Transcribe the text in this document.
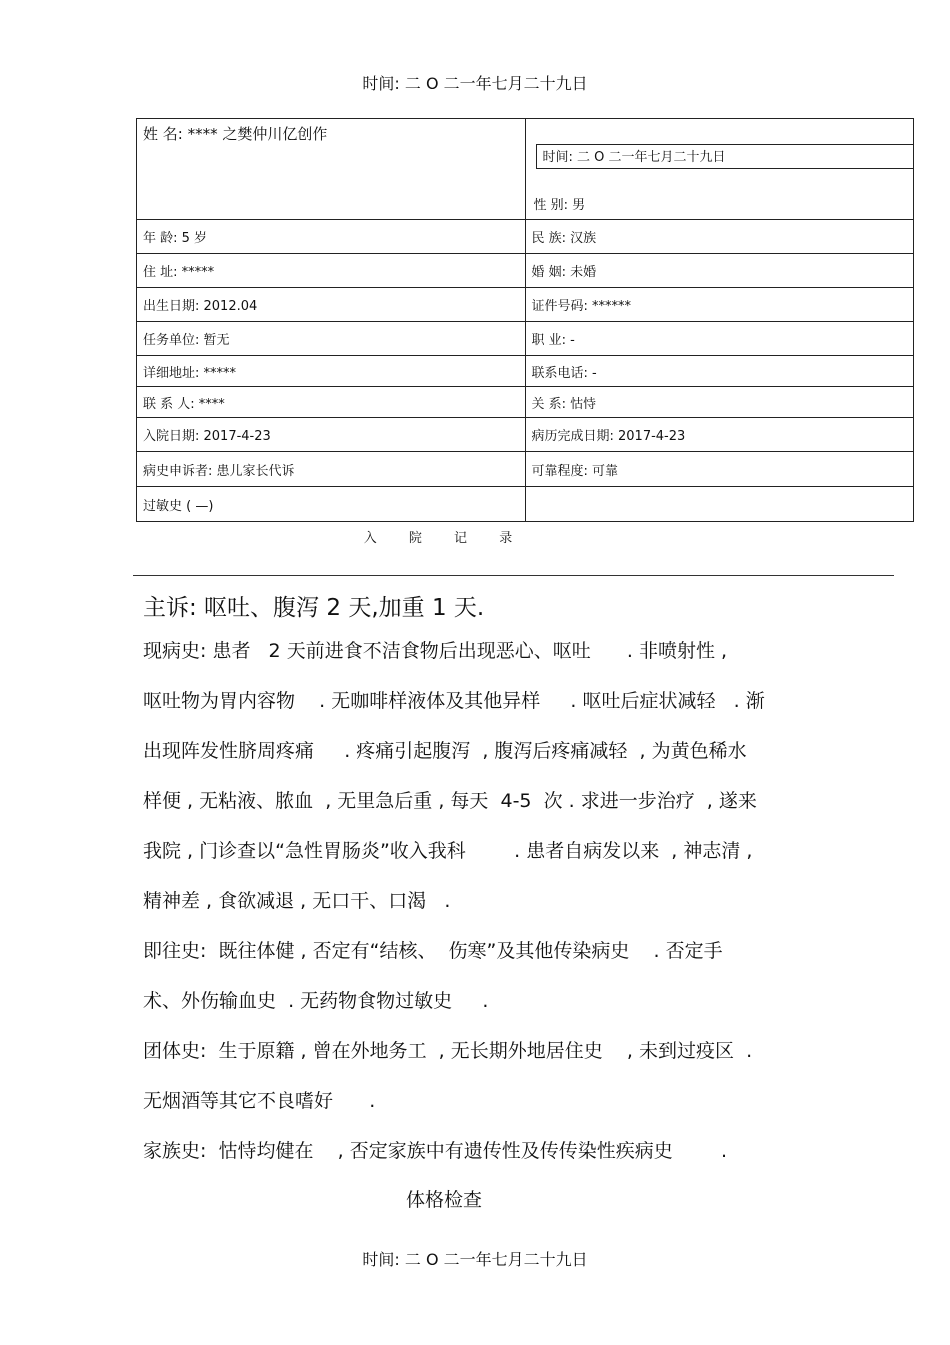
时间: 二 O 二一年七月二十九日
姓 名: **** 之樊仲川亿创作	时间: 二 O 二一年七月二十九日
性 别: 男

年 龄: 5 岁	民 族: 汉族
住 址: *****	婚 姻: 未婚
出生日期: 2012.04	证件号码: ******
任务单位: 暂无	职 业: -
详细地址: *****	联系电话: -
联 系 人: ****	关 系: 怙恃
入院日期: 2017-4-23	病历完成日期: 2017-4-23
病史申诉者: 患儿家长代诉	可靠程度: 可靠
过敏史 ( —)	
入 院 记 录
主诉: 呕吐、腹泻 2 天,加重 1 天.

现病史: 患者   2 天前进食不洁食物后出现恶心、呕吐      . 非喷射性 ,

呕吐物为胃内容物    . 无咖啡样液体及其他异样     . 呕吐后症状减轻   . 渐

出现阵发性脐周疼痛     . 疼痛引起腹泻  , 腹泻后疼痛减轻  , 为黄色稀水

样便 , 无粘液、脓血  , 无里急后重 , 每天  4-5  次 . 求进一步治疗  , 遂来

我院 , 门诊查以“急性胃肠炎”收入我科        . 患者自病发以来  , 神志清 ,

精神差 , 食欲减退 , 无口干、口渴   .

即往史:  既往体健 , 否定有“结核、  伤寒”及其他传染病史    . 否定手

术、外伤输血史  . 无药物食物过敏史     .

团体史:  生于原籍 , 曾在外地务工  , 无长期外地居住史    , 未到过疫区  .

无烟酒等其它不良嗜好      .

家族史:  怙恃均健在    , 否定家族中有遗传性及传传染性疾病史        .

体格检查
时间: 二 O 二一年七月二十九日
